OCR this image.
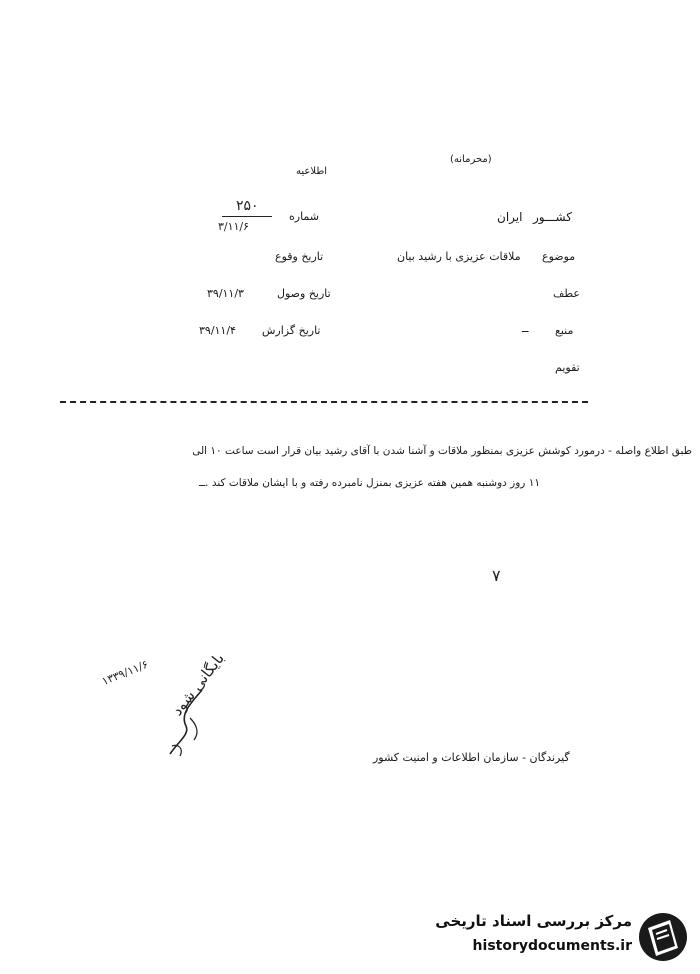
(محرمانه)
اطلاعیه
کشـــور
ایران
شماره
۲۵۰
۳/۱۱/۶
موضوع
ملاقات عزیزی با رشید بیان
تاریخ وقوع
عطف
تاریخ وصول
۳۹/۱۱/۳
منبع
ــ
تاریخ گزارش
۳۹/۱۱/۴
تقویم
طبق اطلاع واصله - درمورد کوشش عزیزی بمنظور ملاقات و آشنا شدن با آقای رشید بیان قرار است ساعت ۱۰ الی
۱۱ روز دوشنبه همین هفته عزیزی بمنزل نامبرده رفته و با ایشان ملاقات کند .ــ
۷
۱۳۳۹/۱۱/۶ بایگانی شود
گیرندگان - سازمان اطلاعات و امنیت کشور
مرکز بررسی اسناد تاریخی
historydocuments.ir
